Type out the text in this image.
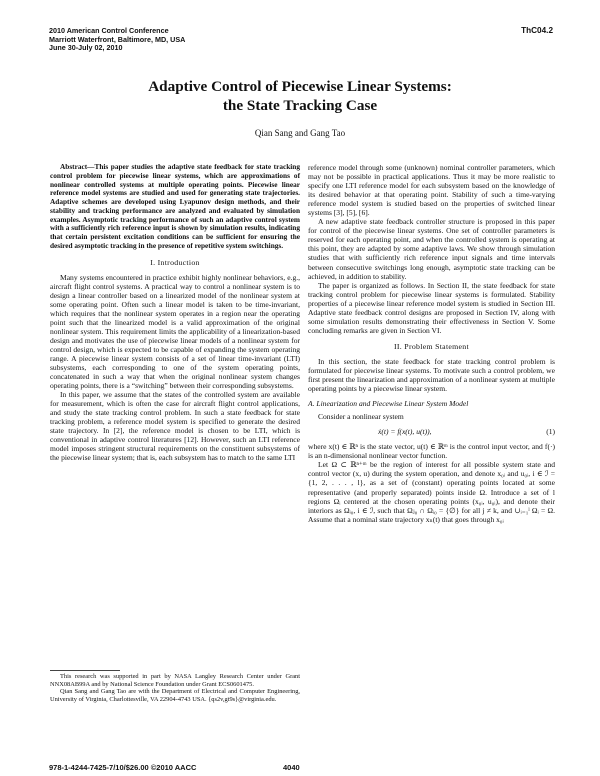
2010 American Control Conference
Marriott Waterfront, Baltimore, MD, USA
June 30-July 02, 2010
ThC04.2
Adaptive Control of Piecewise Linear Systems:
the State Tracking Case
Qian Sang and Gang Tao

Abstract—This paper studies the adaptive state feedback for state tracking control problem for piecewise linear systems, which are approximations of nonlinear controlled systems at multiple operating points. Piecewise linear reference model systems are studied and used for generating state trajectories. Adaptive schemes are developed using Lyapunov design methods, and their stability and tracking performance are analyzed and evaluated by simulation examples. Asymptotic tracking performance of such an adaptive control system with a sufficiently rich reference input is shown by simulation results, indicating that certain persistent excitation conditions can be sufficient for ensuring the desired asymptotic tracking in the presence of repetitive system switchings.

I. Introduction

Many systems encountered in practice exhibit highly nonlinear behaviors, e.g., aircraft flight control systems. A practical way to control a nonlinear system is to design a linear controller based on a linearized model of the nonlinear system at some operating point. Often such a linear model is taken to be time-invariant, which requires that the nonlinear system operates in a region near the operating point such that the linearized model is a valid approximation of the original nonlinear system. This requirement limits the applicability of a linearization-based design and motivates the use of piecewise linear models of a nonlinear system for control design, which is expected to be capable of expanding the system operating range. A piecewise linear system consists of a set of linear time-invariant (LTI) subsystems, each corresponding to one of the system operating points, concatenated in such a way that when the original nonlinear system changes operating points, there is a “switching” between their corresponding subsystems.

In this paper, we assume that the states of the controlled system are available for measurement, which is often the case for aircraft flight control applications, and study the state tracking control problem. In such a state feedback for state tracking problem, a reference model system is specified to generate the desired state trajectory. In [2], the reference model is chosen to be LTI, which is conventional in adaptive control literatures [12]. However, such an LTI reference model imposes stringent structural requirements on the constituent subsystems of the piecewise linear system; that is, each subsystem has to match to the same LTI

This research was supported in part by NASA Langley Research Center under Grant NNX08AB99A and by National Science Foundation under Grant ECS0601475.

Qian Sang and Gang Tao are with the Department of Electrical and Computer Engineering, University of Virginia, Charlottesville, VA 22904-4743 USA. {qs2v,gt9s}@virginia.edu.

reference model through some (unknown) nominal controller parameters, which may not be possible in practical applications. Thus it may be more realistic to specify one LTI reference model for each subsystem based on the knowledge of its desired behavior at that operating point. Stability of such a time-varying reference model system is studied based on the properties of switched linear systems [3], [5], [6].

A new adaptive state feedback controller structure is proposed in this paper for control of the piecewise linear systems. One set of controller parameters is reserved for each operating point, and when the controlled system is operating at this point, they are adapted by some adaptive laws. We show through simulation studies that with sufficiently rich reference input signals and time intervals between consecutive switchings long enough, asymptotic state tracking can be achieved, in addition to stability.

The paper is organized as follows. In Section II, the state feedback for state tracking control problem for piecewise linear systems is formulated. Stability properties of a piecewise linear reference model system is studied in Section III. Adaptive state feedback control designs are proposed in Section IV, along with some simulation results demonstrating their effectiveness in Section V. Some concluding remarks are given in Section VI.

II. Problem Statement

In this section, the state feedback for state tracking control problem is formulated for piecewise linear systems. To motivate such a control problem, we first present the linearization and approximation of a nonlinear system at multiple operating points by a piecewise linear system.

A. Linearization and Piecewise Linear System Model

Consider a nonlinear system

ẋ(t) = f(x(t), u(t)),	(1)

where x(t) ∈ ℝⁿ is the state vector, u(t) ∈ ℝᵐ is the control input vector, and f(·) is an n-dimensional nonlinear vector function.

Let Ω ⊂ ℝⁿ⁺ᵐ be the region of interest for all possible system state and control vector (x, u) during the system operation, and denote x₀ᵢ and u₀ᵢ, i ∈ ℐ = {1, 2, . . . , l}, as a set of (constant) operating points located at some representative (and properly separated) points inside Ω. Introduce a set of l regions Ωᵢ centered at the chosen operating points (x₀ᵢ, u₀ᵢ), and denote their interiors as Ωᵢ₀, i ∈ ℐ, such that Ωⱼ₀ ∩ Ωᵢ₀ = {∅} for all j ≠ k, and ∪ᵢ₌₁ˡ Ωᵢ = Ω. Assume that a nominal state trajectory xₙ(t) that goes through x₀ᵢ

978-1-4244-7425-7/10/$26.00 ©2010 AACC	4040
